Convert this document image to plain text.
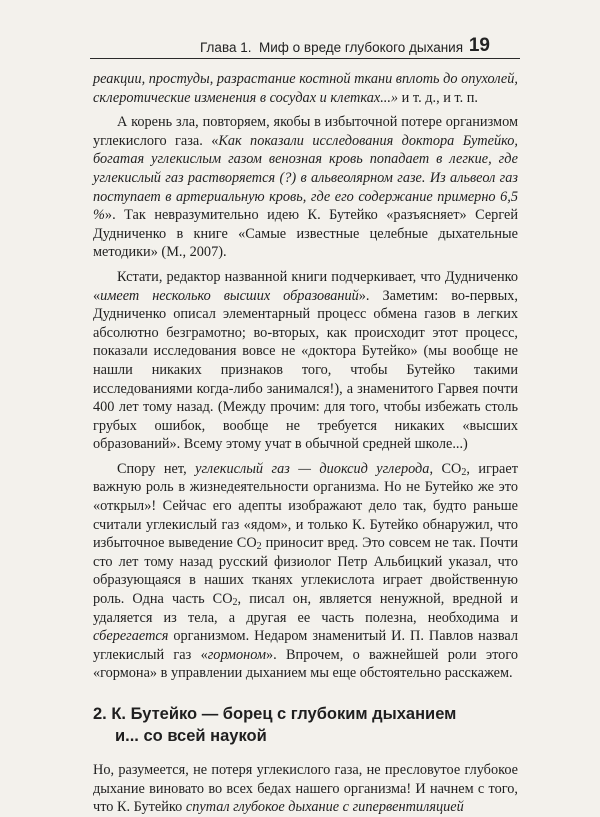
Глава 1. Миф о вреде глубокого дыхания 19

реакции, простуды, разрастание костной ткани вплоть до опухолей, склеротические изменения в сосудах и клетках...» и т. д., и т. п.

А корень зла, повторяем, якобы в избыточной потере организмом углекислого газа. «Как показали исследования доктора Бутейко, богатая углекислым газом венозная кровь попадает в легкие, где углекислый газ растворяется (?) в альвеолярном газе. Из альвеол газ поступает в артериальную кровь, где его содержание примерно 6,5 %». Так невразумительно идею К. Бутейко «разъясняет» Сергей Дудниченко в книге «Самые известные целебные дыхательные методики» (М., 2007).

Кстати, редактор названной книги подчеркивает, что Дудниченко «имеет несколько высших образований». Заметим: во-первых, Дудниченко описал элементарный процесс обмена газов в легких абсолютно безграмотно; во-вторых, как происходит этот процесс, показали исследования вовсе не «доктора Бутейко» (мы вообще не нашли никаких признаков того, чтобы Бутейко такими исследованиями когда-либо занимался!), а знаменитого Гарвея почти 400 лет тому назад. (Между прочим: для того, чтобы избежать столь грубых ошибок, вообще не требуется никаких «высших образований». Всему этому учат в обычной средней школе...)

Спору нет, углекислый газ — диоксид углерода, $CO_2$, играет важную роль в жизнедеятельности организма. Но не Бутейко же это «открыл»! Сейчас его адепты изображают дело так, будто раньше считали углекислый газ «ядом», и только К. Бутейко обнаружил, что избыточное выведение $CO_2$ приносит вред. Это совсем не так. Почти сто лет тому назад русский физиолог Петр Альбицкий указал, что образующаяся в наших тканях углекислота играет двойственную роль. Одна часть $CO_2$, писал он, является ненужной, вредной и удаляется из тела, а другая ее часть полезна, необходима и сберегается организмом. Недаром знаменитый И. П. Павлов назвал углекислый газ «гормоном». Впрочем, о важнейшей роли этого «гормона» в управлении дыханием мы еще обстоятельно расскажем.

2. К. Бутейко — борец с глубоким дыханием
и... со всей наукой

Но, разумеется, не потеря углекислого газа, не пресловутое глубокое дыхание виновато во всех бедах нашего организма! И начнем с того, что К. Бутейко спутал глубокое дыхание с гипервентиляцией
